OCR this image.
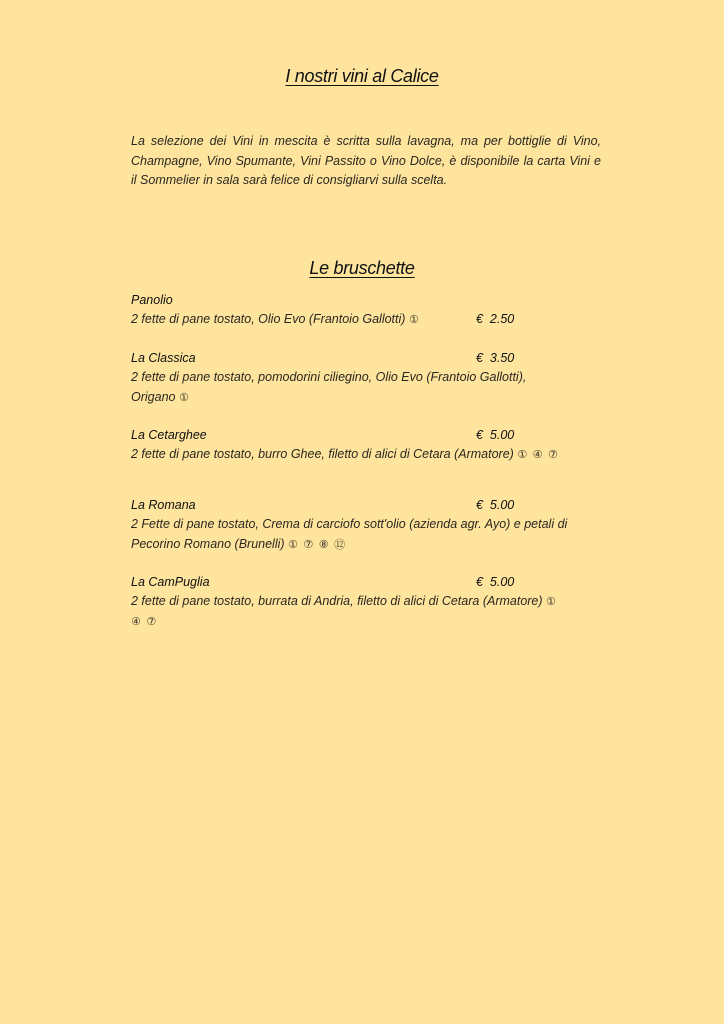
I nostri vini al Calice

La selezione dei Vini in mescita è scritta sulla lavagna, ma per bottiglie di Vino, Champagne, Vino Spumante, Vini Passito o Vino Dolce, è disponibile la carta Vini e il Sommelier in sala sarà felice di consigliarvi sulla scelta.

Le bruschette
Panolio
2 fette di pane tostato, Olio Evo (Frantoio Gallotti) ①	€  2.50
La Classica
2 fette di pane tostato, pomodorini ciliegino, Olio Evo (Frantoio Gallotti), Origano ①
€  3.50
La Cetarghee
2 fette di pane tostato, burro Ghee, filetto di alici di Cetara (Armatore) ① ④ ⑦
€  5.00
La Romana
2 Fette di pane tostato, Crema di carciofo sott'olio (azienda agr. Ayo) e petali di Pecorino Romano (Brunelli) ① ⑦ ⑧ ⑫
€  5.00
La CamPuglia
2 fette di pane tostato, burrata di Andria, filetto di alici di Cetara (Armatore) ① ④ ⑦
€  5.00
